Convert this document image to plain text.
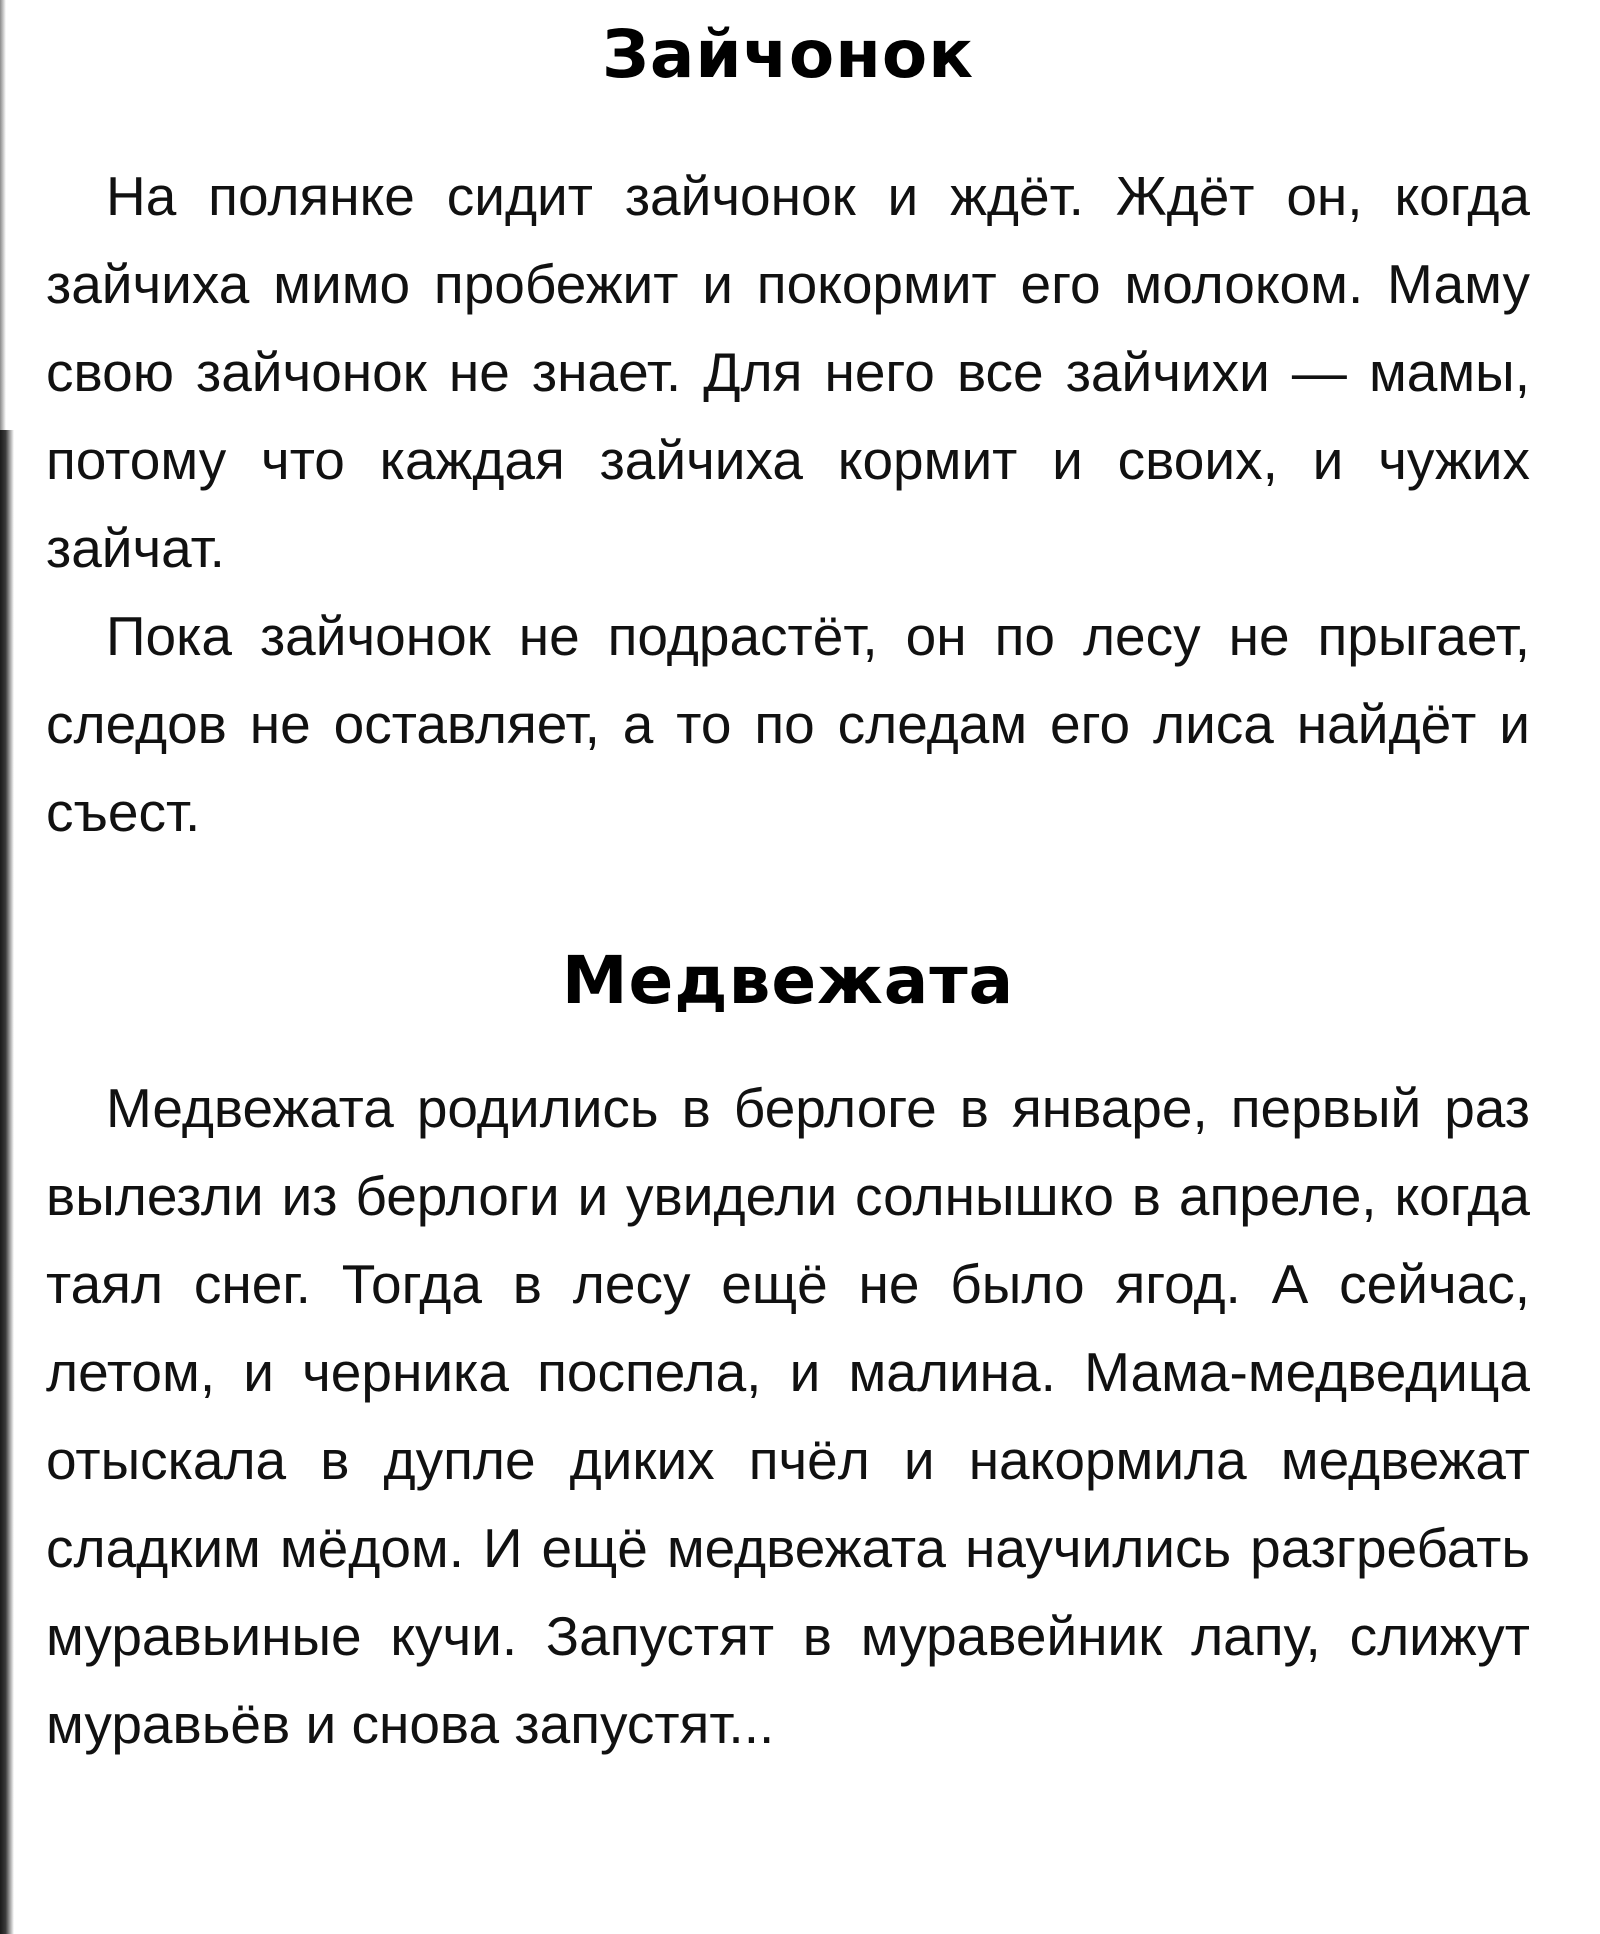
Зайчонок

На полянке сидит зайчонок и ждёт. Ждёт он, когда зайчиха мимо пробежит и покормит его молоком. Маму свою зайчонок не знает. Для него все зайчихи — мамы, потому что каждая зайчиха кормит и своих, и чужих зайчат.

Пока зайчонок не подрастёт, он по лесу не прыгает, следов не оставляет, а то по следам его лиса найдёт и съест.

Медвежата

Медвежата родились в берлоге в январе, первый раз вылезли из берлоги и увидели солнышко в апреле, когда таял снег. Тогда в лесу ещё не было ягод. А сейчас, летом, и черника поспела, и малина. Мама-медведица отыскала в дупле диких пчёл и накормила медвежат сладким мёдом. И ещё медвежата научились разгребать муравьиные кучи. Запустят в муравейник лапу, слижут муравьёв и снова запустят...
